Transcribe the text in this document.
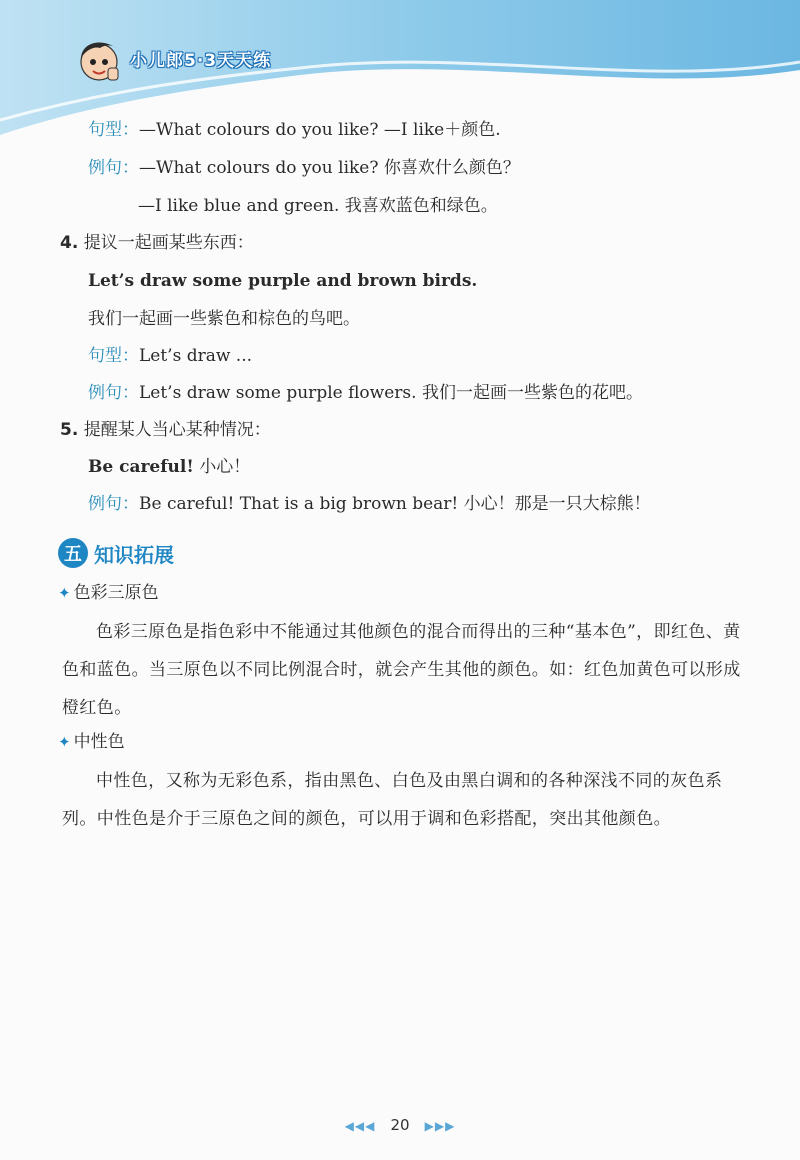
小儿郎5·3天天练
句型：—What colours do you like? —I like＋颜色.
例句：—What colours do you like? 你喜欢什么颜色？
—I like blue and green. 我喜欢蓝色和绿色。
4. 提议一起画某些东西：
Let’s draw some purple and brown birds.
我们一起画一些紫色和棕色的鸟吧。
句型：Let’s draw ...
例句：Let’s draw some purple flowers. 我们一起画一些紫色的花吧。
5. 提醒某人当心某种情况：
Be careful! 小心！
例句：Be careful! That is a big brown bear! 小心！那是一只大棕熊！
五 知识拓展
✦ 色彩三原色
色彩三原色是指色彩中不能通过其他颜色的混合而得出的三种“基本色”，即红色、黄色和蓝色。当三原色以不同比例混合时，就会产生其他的颜色。如：红色加黄色可以形成橙红色。
✦ 中性色
中性色，又称为无彩色系，指由黑色、白色及由黑白调和的各种深浅不同的灰色系列。中性色是介于三原色之间的颜色，可以用于调和色彩搭配，突出其他颜色。
◀◀◀ 20 ▶▶▶
